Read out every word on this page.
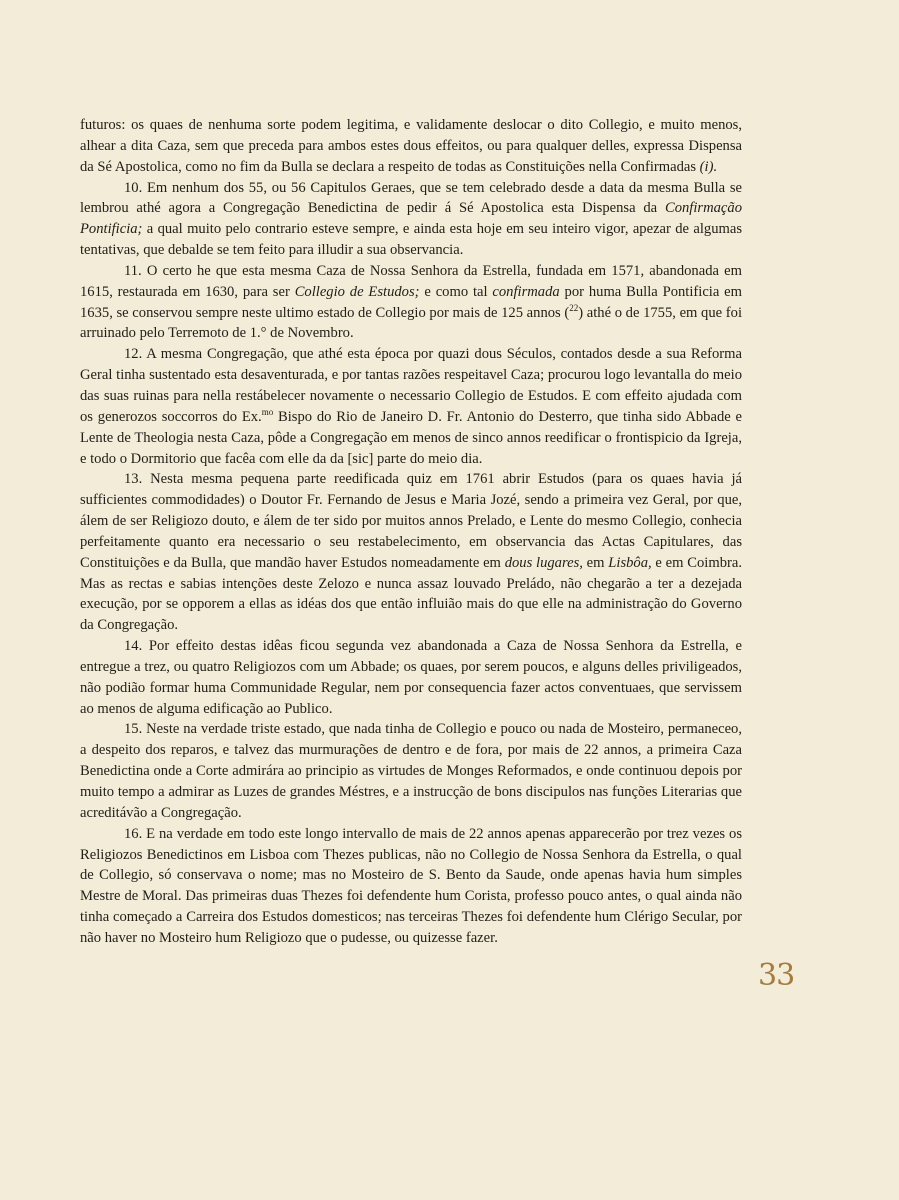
futuros: os quaes de nenhuma sorte podem legitima, e validamente deslocar o dito Collegio, e muito menos, alhear a dita Caza, sem que preceda para ambos estes dous effeitos, ou para qualquer delles, expressa Dispensa da Sé Apostolica, como no fim da Bulla se declara a respeito de todas as Constituições nella Confirmadas (i).

10. Em nenhum dos 55, ou 56 Capitulos Geraes, que se tem celebrado desde a data da mesma Bulla se lembrou athé agora a Congregação Benedictina de pedir á Sé Apostolica esta Dispensa da Confirmação Pontificia; a qual muito pelo contrario esteve sempre, e ainda esta hoje em seu inteiro vigor, apezar de algumas tentativas, que debalde se tem feito para illudir a sua observancia.

11. O certo he que esta mesma Caza de Nossa Senhora da Estrella, fundada em 1571, abandonada em 1615, restaurada em 1630, para ser Collegio de Estudos; e como tal confirmada por huma Bulla Pontificia em 1635, se conservou sempre neste ultimo estado de Collegio por mais de 125 annos ($^{22}$) athé o de 1755, em que foi arruinado pelo Terremoto de 1.° de Novembro.

12. A mesma Congregação, que athé esta época por quazi dous Séculos, contados desde a sua Reforma Geral tinha sustentado esta desaventurada, e por tantas razões respeitavel Caza; procurou logo levantalla do meio das suas ruinas para nella restábelecer novamente o necessario Collegio de Estudos. E com effeito ajudada com os generozos soccorros do Ex.$^{mo}$ Bispo do Rio de Janeiro D. Fr. Antonio do Desterro, que tinha sido Abbade e Lente de Theologia nesta Caza, pôde a Congregação em menos de sinco annos reedificar o frontispicio da Igreja, e todo o Dormitorio que facêa com elle da da [sic] parte do meio dia.

13. Nesta mesma pequena parte reedificada quiz em 1761 abrir Estudos (para os quaes havia já sufficientes commodidades) o Doutor Fr. Fernando de Jesus e Maria Jozé, sendo a primeira vez Geral, por que, álem de ser Religiozo douto, e álem de ter sido por muitos annos Prelado, e Lente do mesmo Collegio, conhecia perfeitamente quanto era necessario o seu restabelecimento, em observancia das Actas Capitulares, das Constituições e da Bulla, que mandão haver Estudos nomeadamente em dous lugares, em Lisbôa, e em Coimbra. Mas as rectas e sabias intenções deste Zelozo e nunca assaz louvado Preládo, não chegarão a ter a dezejada execução, por se opporem a ellas as idéas dos que então influião mais do que elle na administração do Governo da Congregação.

14. Por effeito destas idêas ficou segunda vez abandonada a Caza de Nossa Senhora da Estrella, e entregue a trez, ou quatro Religiozos com um Abbade; os quaes, por serem poucos, e alguns delles priviligeados, não podião formar huma Communidade Regular, nem por consequencia fazer actos conventuaes, que servissem ao menos de alguma edificação ao Publico.

15. Neste na verdade triste estado, que nada tinha de Collegio e pouco ou nada de Mosteiro, permaneceo, a despeito dos reparos, e talvez das murmurações de dentro e de fora, por mais de 22 annos, a primeira Caza Benedictina onde a Corte admirára ao principio as virtudes de Monges Reformados, e onde continuou depois por muito tempo a admirar as Luzes de grandes Méstres, e a instrucção de bons discipulos nas funções Literarias que acreditávão a Congregação.

16. E na verdade em todo este longo intervallo de mais de 22 annos apenas apparecerão por trez vezes os Religiozos Benedictinos em Lisboa com Thezes publicas, não no Collegio de Nossa Senhora da Estrella, o qual de Collegio, só conservava o nome; mas no Mosteiro de S. Bento da Saude, onde apenas havia hum simples Mestre de Moral. Das primeiras duas Thezes foi defendente hum Corista, professo pouco antes, o qual ainda não tinha começado a Carreira dos Estudos domesticos; nas terceiras Thezes foi defendente hum Clérigo Secular, por não haver no Mosteiro hum Religiozo que o pudesse, ou quizesse fazer.

33
